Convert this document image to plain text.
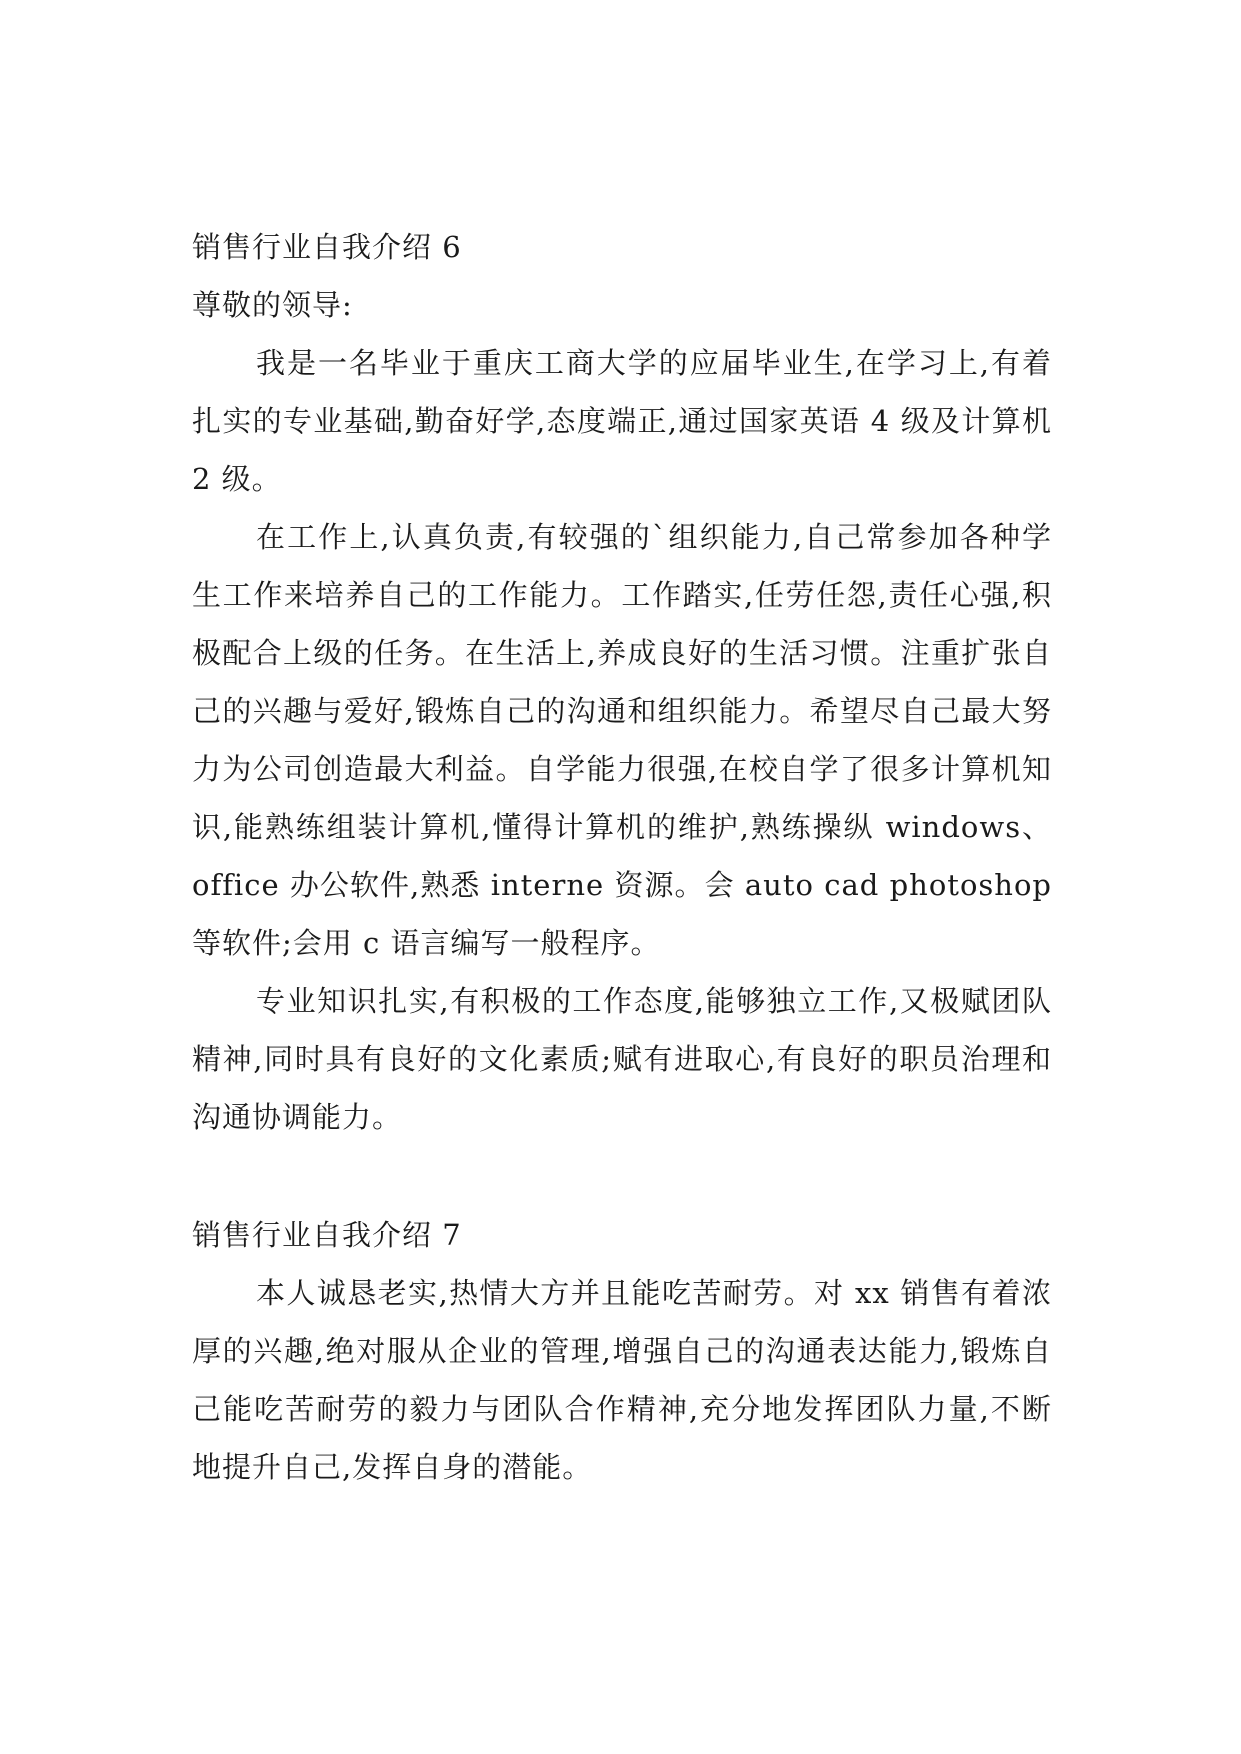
销售行业自我介绍 6
尊敬的领导:

我是一名毕业于重庆工商大学的应届毕业生,在学习上,有着扎实的专业基础,勤奋好学,态度端正,通过国家英语 4 级及计算机 2 级。

在工作上,认真负责,有较强的`组织能力,自己常参加各种学生工作来培养自己的工作能力。工作踏实,任劳任怨,责任心强,积极配合上级的任务。在生活上,养成良好的生活习惯。注重扩张自己的兴趣与爱好,锻炼自己的沟通和组织能力。希望尽自己最大努力为公司创造最大利益。自学能力很强,在校自学了很多计算机知识,能熟练组装计算机,懂得计算机的维护,熟练操纵 windows、office 办公软件,熟悉 interne 资源。会 auto cad photoshop 等软件;会用 c 语言编写一般程序。

专业知识扎实,有积极的工作态度,能够独立工作,又极赋团队精神,同时具有良好的文化素质;赋有进取心,有良好的职员治理和沟通协调能力。

销售行业自我介绍 7

本人诚恳老实,热情大方并且能吃苦耐劳。对 xx 销售有着浓厚的兴趣,绝对服从企业的管理,增强自己的沟通表达能力,锻炼自己能吃苦耐劳的毅力与团队合作精神,充分地发挥团队力量,不断地提升自己,发挥自身的潜能。
